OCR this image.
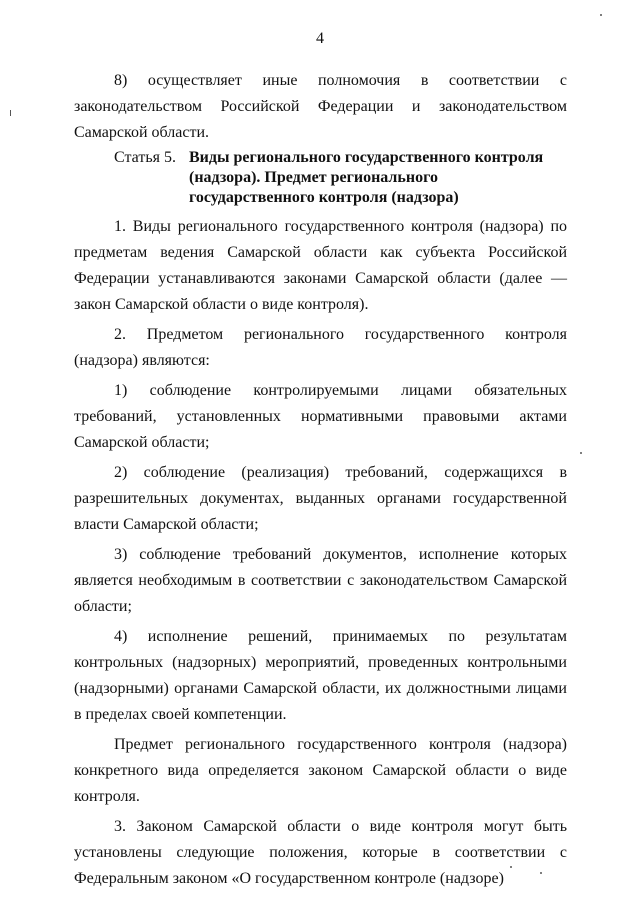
4

8) осуществляет иные полномочия в соответствии с законодательством Российской Федерации и законодательством Самарской области.

Статья 5. Виды регионального государственного контроля (надзора). Предмет регионального государственного контроля (надзора)

1. Виды регионального государственного контроля (надзора) по предметам ведения Самарской области как субъекта Российской Федерации устанавливаются законами Самарской области (далее — закон Самарской области о виде контроля).

2. Предметом регионального государственного контроля (надзора) являются:

1) соблюдение контролируемыми лицами обязательных требований, установленных нормативными правовыми актами Самарской области;

2) соблюдение (реализация) требований, содержащихся в разрешительных документах, выданных органами государственной власти Самарской области;

3) соблюдение требований документов, исполнение которых является необходимым в соответствии с законодательством Самарской области;

4) исполнение решений, принимаемых по результатам контрольных (надзорных) мероприятий, проведенных контрольными (надзорными) органами Самарской области, их должностными лицами в пределах своей компетенции.

Предмет регионального государственного контроля (надзора) конкретного вида определяется законом Самарской области о виде контроля.

3. Законом Самарской области о виде контроля могут быть установлены следующие положения, которые в соответствии с Федеральным законом «О государственном контроле (надзоре)
